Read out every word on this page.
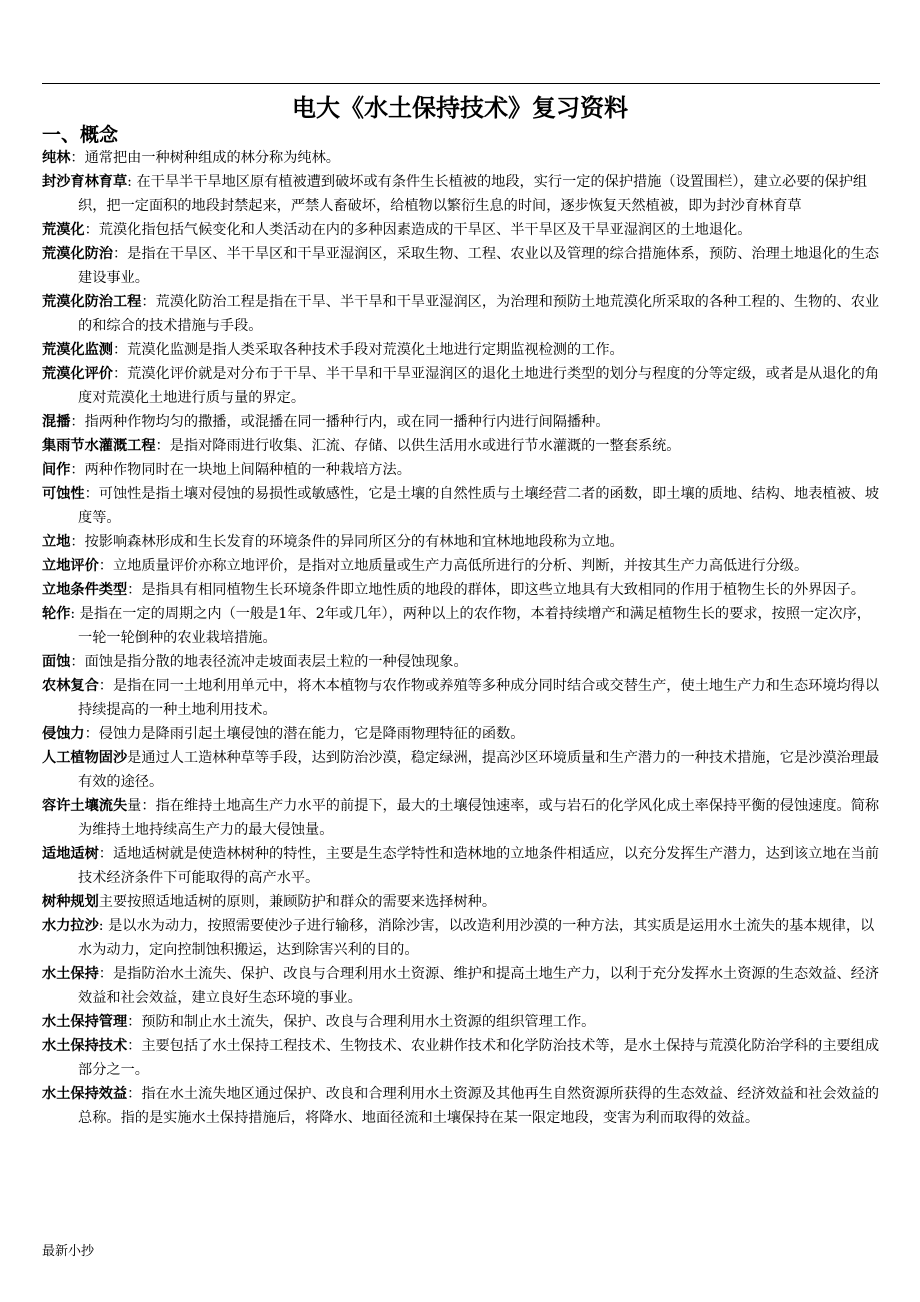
电大《水土保持技术》复习资料
一、概念

纯林：通常把由一种树种组成的林分称为纯林。

封沙育林育草: 在干旱半干旱地区原有植被遭到破坏或有条件生长植被的地段，实行一定的保护措施（设置围栏），建立必要的保护组织，把一定面积的地段封禁起来，严禁人畜破坏，给植物以繁衍生息的时间，逐步恢复天然植被，即为封沙育林育草

荒漠化：荒漠化指包括气候变化和人类活动在内的多种因素造成的干旱区、半干旱区及干旱亚湿润区的土地退化。

荒漠化防治：是指在干旱区、半干旱区和干旱亚湿润区，采取生物、工程、农业以及管理的综合措施体系，预防、治理土地退化的生态建设事业。

荒漠化防治工程：荒漠化防治工程是指在干旱、半干旱和干旱亚湿润区，为治理和预防土地荒漠化所采取的各种工程的、生物的、农业的和综合的技术措施与手段。

荒漠化监测：荒漠化监测是指人类采取各种技术手段对荒漠化土地进行定期监视检测的工作。

荒漠化评价：荒漠化评价就是对分布于干旱、半干旱和干旱亚湿润区的退化土地进行类型的划分与程度的分等定级，或者是从退化的角度对荒漠化土地进行质与量的界定。

混播：指两种作物均匀的撒播，或混播在同一播种行内，或在同一播种行内进行间隔播种。

集雨节水灌溉工程：是指对降雨进行收集、汇流、存储、以供生活用水或进行节水灌溉的一整套系统。

间作：两种作物同时在一块地上间隔种植的一种栽培方法。

可蚀性：可蚀性是指土壤对侵蚀的易损性或敏感性，它是土壤的自然性质与土壤经营二者的函数，即土壤的质地、结构、地表植被、坡度等。

立地：按影响森林形成和生长发育的环境条件的异同所区分的有林地和宜林地地段称为立地。

立地评价：立地质量评价亦称立地评价，是指对立地质量或生产力高低所进行的分析、判断，并按其生产力高低进行分级。

立地条件类型：是指具有相同植物生长环境条件即立地性质的地段的群体，即这些立地具有大致相同的作用于植物生长的外界因子。

轮作: 是指在一定的周期之内（一般是1年、2年或几年），两种以上的农作物，本着持续增产和满足植物生长的要求，按照一定次序，一轮一轮倒种的农业栽培措施。

面蚀：面蚀是指分散的地表径流冲走坡面表层土粒的一种侵蚀现象。

农林复合：是指在同一土地利用单元中，将木本植物与农作物或养殖等多种成分同时结合或交替生产，使土地生产力和生态环境均得以持续提高的一种土地利用技术。

侵蚀力：侵蚀力是降雨引起土壤侵蚀的潜在能力，它是降雨物理特征的函数。

人工植物固沙是通过人工造林种草等手段，达到防治沙漠，稳定绿洲，提高沙区环境质量和生产潜力的一种技术措施，它是沙漠治理最有效的途径。

容许土壤流失量：指在维持土地高生产力水平的前提下，最大的土壤侵蚀速率，或与岩石的化学风化成土率保持平衡的侵蚀速度。简称为维持土地持续高生产力的最大侵蚀量。

适地适树：适地适树就是使造林树种的特性，主要是生态学特性和造林地的立地条件相适应，以充分发挥生产潜力，达到该立地在当前技术经济条件下可能取得的高产水平。

树种规划主要按照适地适树的原则，兼顾防护和群众的需要来选择树种。

水力拉沙: 是以水为动力，按照需要使沙子进行输移，消除沙害，以改造利用沙漠的一种方法，其实质是运用水土流失的基本规律，以水为动力，定向控制蚀积搬运，达到除害兴利的目的。

水土保持：是指防治水土流失、保护、改良与合理利用水土资源、维护和提高土地生产力，以利于充分发挥水土资源的生态效益、经济效益和社会效益，建立良好生态环境的事业。

水土保持管理：预防和制止水土流失，保护、改良与合理利用水土资源的组织管理工作。

水土保持技术：主要包括了水土保持工程技术、生物技术、农业耕作技术和化学防治技术等，是水土保持与荒漠化防治学科的主要组成部分之一。

水土保持效益：指在水土流失地区通过保护、改良和合理利用水土资源及其他再生自然资源所获得的生态效益、经济效益和社会效益的总称。指的是实施水土保持措施后，将降水、地面径流和土壤保持在某一限定地段，变害为利而取得的效益。

最新小抄
